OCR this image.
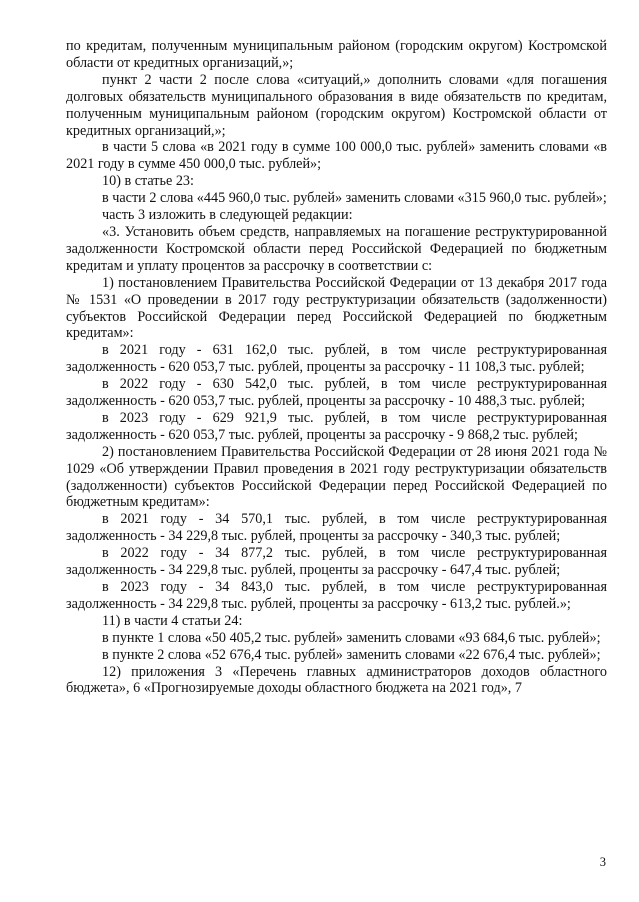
по кредитам, полученным муниципальным районом (городским округом) Костромской области от кредитных организаций,»;

пункт 2 части 2 после слова «ситуаций,» дополнить словами «для погашения долговых обязательств муниципального образования в виде обязательств по кредитам, полученным муниципальным районом (городским округом) Костромской области от кредитных организаций,»;

в части 5 слова «в 2021 году в сумме 100 000,0 тыс. рублей» заменить словами «в 2021 году в сумме 450 000,0 тыс. рублей»;

10) в статье 23:

в части 2 слова «445 960,0 тыс. рублей» заменить словами «315 960,0 тыс. рублей»;

часть 3 изложить в следующей редакции:

«3. Установить объем средств, направляемых на погашение реструктурированной задолженности Костромской области перед Российской Федерацией по бюджетным кредитам и уплату процентов за рассрочку в соответствии с:

1) постановлением Правительства Российской Федерации от 13 декабря 2017 года № 1531 «О проведении в 2017 году реструктуризации обязательств (задолженности) субъектов Российской Федерации перед Российской Федерацией по бюджетным кредитам»:

в 2021 году - 631 162,0 тыс. рублей, в том числе реструктурированная задолженность - 620 053,7 тыс. рублей, проценты за рассрочку - 11 108,3 тыс. рублей;

в 2022 году - 630 542,0 тыс. рублей, в том числе реструктурированная задолженность - 620 053,7 тыс. рублей, проценты за рассрочку - 10 488,3 тыс. рублей;

в 2023 году - 629 921,9 тыс. рублей, в том числе реструктурированная задолженность - 620 053,7 тыс. рублей, проценты за рассрочку - 9 868,2 тыс. рублей;

2) постановлением Правительства Российской Федерации от 28 июня 2021 года № 1029 «Об утверждении Правил проведения в 2021 году реструктуризации обязательств (задолженности) субъектов Российской Федерации перед Российской Федерацией по бюджетным кредитам»:

в 2021 году - 34 570,1 тыс. рублей, в том числе реструктурированная задолженность - 34 229,8 тыс. рублей, проценты за рассрочку - 340,3 тыс. рублей;

в 2022 году - 34 877,2 тыс. рублей, в том числе реструктурированная задолженность - 34 229,8 тыс. рублей, проценты за рассрочку - 647,4 тыс. рублей;

в 2023 году - 34 843,0 тыс. рублей, в том числе реструктурированная задолженность - 34 229,8 тыс. рублей, проценты за рассрочку - 613,2 тыс. рублей.»;

11) в части 4 статьи 24:

в пункте 1 слова «50 405,2 тыс. рублей» заменить словами «93 684,6 тыс. рублей»;

в пункте 2 слова «52 676,4 тыс. рублей» заменить словами «22 676,4 тыс. рублей»;

12) приложения 3 «Перечень главных администраторов доходов областного бюджета», 6 «Прогнозируемые доходы областного бюджета на 2021 год», 7

3
